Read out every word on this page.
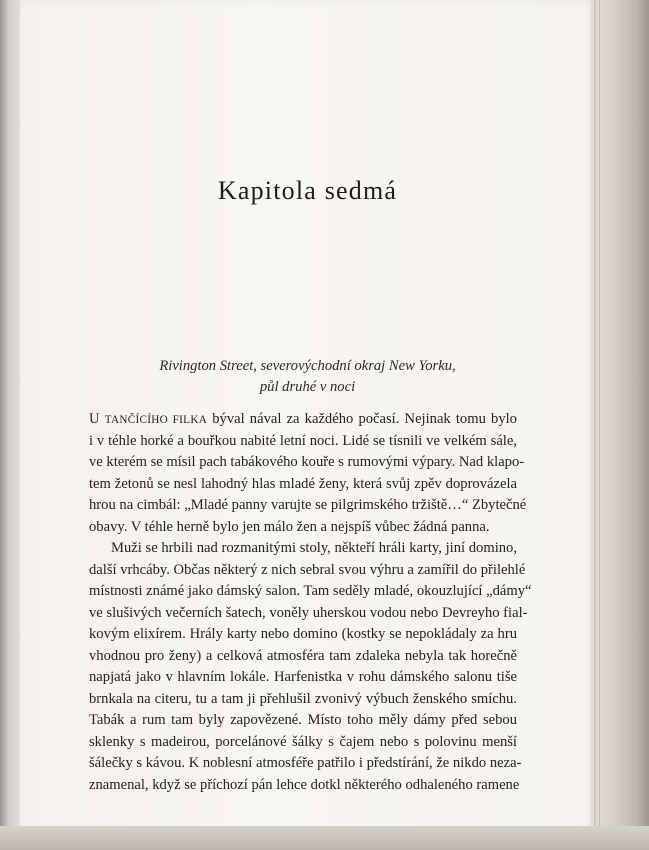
Kapitola sedmá
Rivington Street, severovýchodní okraj New Yorku,
půl druhé v noci
U TANČÍCÍHO FILKA býval nával za každého počasí. Nejinak tomu bylo
i v téhle horké a bouřkou nabité letní noci. Lidé se tísnili ve velkém sále,
ve kterém se mísil pach tabákového kouře s rumovými výpary. Nad klapo-
tem žetonů se nesl lahodný hlas mladé ženy, která svůj zpěv doprovázela
hrou na cimbál: „Mladé panny varujte se pilgrimského tržiště…“ Zbytečné
obavy. V téhle herně bylo jen málo žen a nejspíš vůbec žádná panna.
Muži se hrbili nad rozmanitými stoly, někteří hráli karty, jiní domino,
další vrhcáby. Občas některý z nich sebral svou výhru a zamířil do přilehlé
místnosti známé jako dámský salon. Tam seděly mladé, okouzlující „dámy“
ve slušivých večerních šatech, voněly uherskou vodou nebo Devreyho fial-
kovým elixírem. Hrály karty nebo domino (kostky se nepokládaly za hru
vhodnou pro ženy) a celková atmosféra tam zdaleka nebyla tak horečně
napjatá jako v hlavním lokále. Harfenistka v rohu dámského salonu tiše
brnkala na citeru, tu a tam ji přehlušil zvonivý výbuch ženského smíchu.
Tabák a rum tam byly zapovězené. Místo toho měly dámy před sebou
sklenky s madeirou, porcelánové šálky s čajem nebo s polovinu menší
šálečky s kávou. K noblesní atmosféře patřilo i předstírání, že nikdo neza-
znamenal, když se příchozí pán lehce dotkl některého odhaleného ramene
